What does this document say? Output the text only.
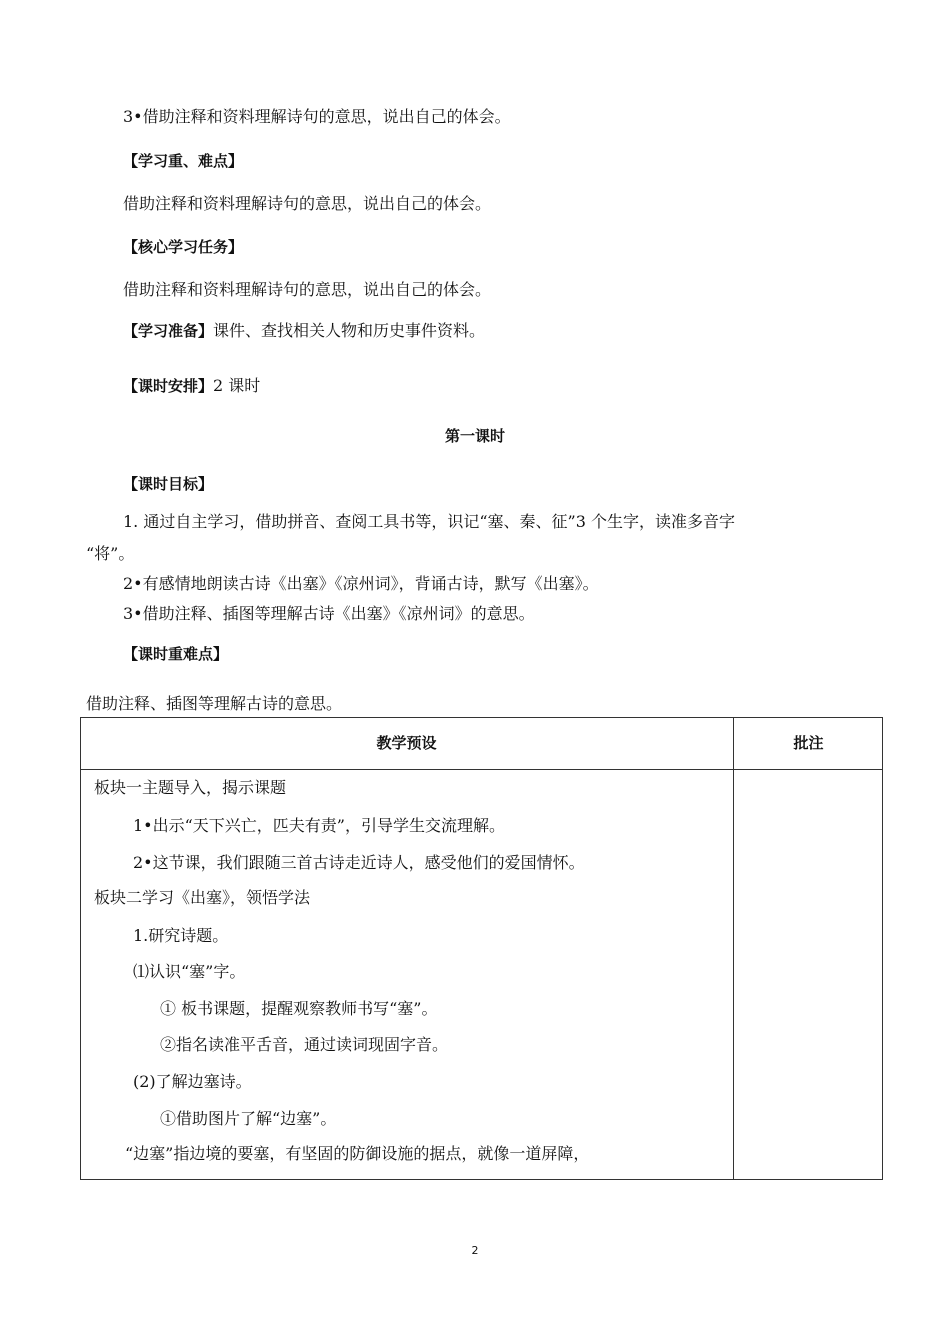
3•借助注释和资料理解诗句的意思，说出自己的体会。
【学习重、难点】
借助注释和资料理解诗句的意思，说出自己的体会。
【核心学习任务】
借助注释和资料理解诗句的意思，说出自己的体会。
【学习准备】课件、查找相关人物和历史事件资料。
【课时安排】2 课时
第一课时
【课时目标】
1. 通过自主学习，借助拼音、查阅工具书等，识记“塞、秦、征”3 个生字，读准多音字
“将”。
2•有感情地朗读古诗《出塞》《凉州词》，背诵古诗，默写《出塞》。
3•借助注释、插图等理解古诗《出塞》《凉州词》的意思。
【课时重难点】
借助注释、插图等理解古诗的意思。
教学预设	批注
板块一主题导入，揭示课题
1•出示“天下兴亡，匹夫有责”，引导学生交流理解。
2•这节课，我们跟随三首古诗走近诗人，感受他们的爱国情怀。
板块二学习《出塞》，领悟学法
1.研究诗题。
⑴认识“塞”字。
① 板书课题，提醒观察教师书写“塞”。
②指名读准平舌音，通过读词现固字音。
(2)了解边塞诗。
①借助图片了解“边塞”。
“边塞”指边境的要塞，有坚固的防御设施的据点，就像一道屏障，
2
